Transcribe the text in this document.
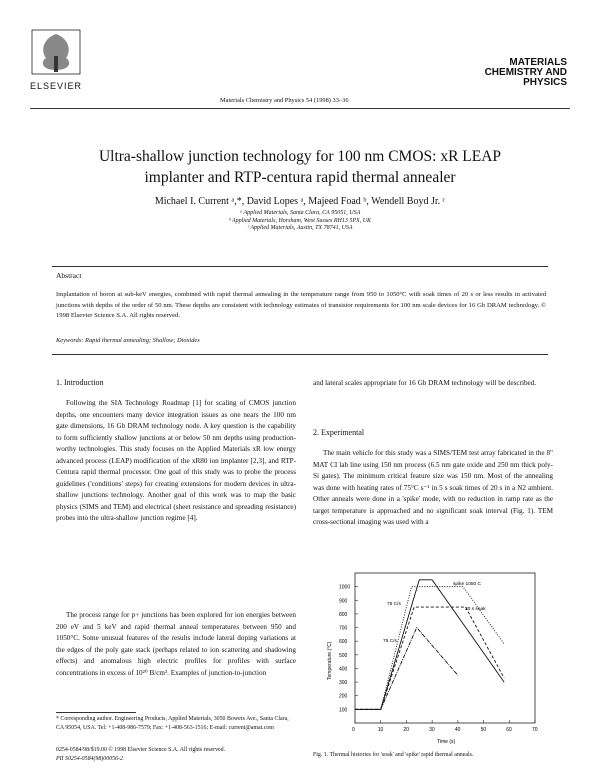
ELSEVIER
Materials Chemistry and Physics 54 (1998) 33–36
MATERIALS
CHEMISTRY AND
PHYSICS
Ultra-shallow junction technology for 100 nm CMOS: xR LEAP
implanter and RTP-centura rapid thermal annealer
Michael I. Current ᵃ,*, David Lopes ᵃ, Majeed Foad ᵇ, Wendell Boyd Jr. ᶜ
ᵃ Applied Materials, Santa Clara, CA 95051, USA
ᵇ Applied Materials, Horsham, West Sussex RH13 5PX, UK
ᶜ Applied Materials, Austin, TX 78741, USA
Abstract
Implantation of boron at sub-keV energies, combined with rapid thermal annealing in the temperature range from 950 to 1050°C with soak times of 20 s or less results in activated junctions with depths of the order of 50 nm. These depths are consistent with technology estimates of transistor requirements for 100 nm scale devices for 16 Gb DRAM technology. © 1998 Elsevier Science S.A. All rights reserved.
Keywords: Rapid thermal annealing; Shallow; Dioxides
1. Introduction
Following the SIA Technology Roadmap [1] for scaling of CMOS junction depths, one encounters many device integration issues as one nears the 100 nm gate dimensions, 16 Gb DRAM technology node. A key question is the capability to form sufficiently shallow junctions at or below 50 nm depths using production-worthy technologies. This study focuses on the Applied Materials xR low energy advanced process (LEAP) modification of the xR80 ion implanter [2,3], and RTP-Centura rapid thermal processor. One goal of this study was to probe the process guidelines ('conditions' steps) for creating extensions for modern devices in ultra-shallow junctions technology. Another goal of this work was to map the basic physics (SIMS and TEM) and electrical (sheet resistance and spreading resistance) probes into the ultra-shallow junction regime [4].
The process range for p+ junctions has been explored for ion energies between 200 eV and 5 keV and rapid thermal anneal temperatures between 950 and 1050°C. Some unusual features of the results include lateral doping variations at the edges of the poly gate stack (perhaps related to ion scattering and shadowing effects) and anomalous high electric profiles for profiles with surface concentrations in excess of 10²⁰ B/cm³. Examples of junction-to-junction
* Corresponding author. Engineering Products, Applied Materials, 3050 Bowers Ave., Santa Clara, CA 95054, USA. Tel: +1-408-986-7579; Fax: +1-408-563-1516; E-mail: current@amat.com
0254-0584/98/$19.00 © 1998 Elsevier Science S.A. All rights reserved.
PII S0254-0584(98)00056-2
and lateral scales appropriate for 16 Gb DRAM technology will be described.
2. Experimental
The main vehicle for this study was a SIMS/TEM test array fabricated in the 8" MAT CI lab line using 150 nm process (6.5 nm gate oxide and 250 nm thick poly-Si gates). The minimum critical feature size was 150 nm. Most of the annealing was done with heating rates of 75°C s⁻¹ in 5 s soak times of 20 s in a N2 ambient. Other anneals were done in a 'spike' mode, with no reduction in ramp rate as the target temperature is approached and no significant soak interval (Fig. 1). TEM cross-sectional imaging was used with a
0	10	20	30	40	50	60	70
100
200
300
400
500
600
700
800
900
1000
Temperature (°C)
Time (s)
spike 1050 C
75 C/s
20 s soak
75 C/s
Fig. 1. Thermal histories for 'soak' and 'spike' rapid thermal anneals.
